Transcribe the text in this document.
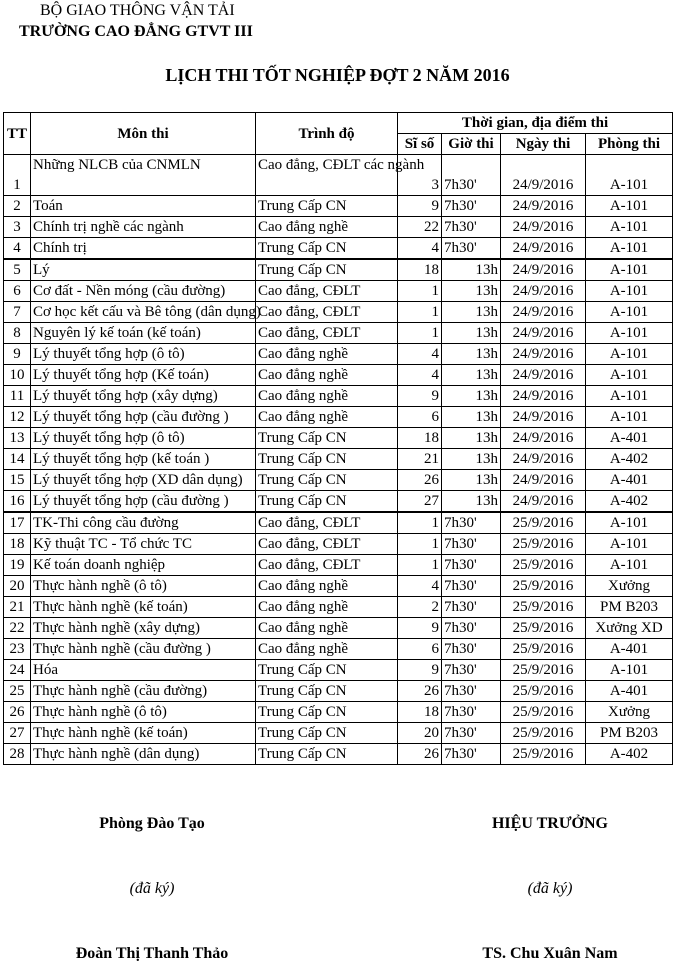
BỘ GIAO THÔNG VẬN TẢI
TRƯỜNG CAO ĐẲNG GTVT III
LỊCH THI TỐT NGHIỆP ĐỢT 2 NĂM 2016
TT	Môn thi	Trình độ	Thời gian, địa điểm thi			
			Sĩ số	Giờ thi	Ngày thi	Phòng thi
1	Những NLCB của CNMLN	Cao đẳng, CĐLT các ngành	3	7h30'	24/9/2016	A-101
2	Toán	Trung Cấp CN	9	7h30'	24/9/2016	A-101
3	Chính trị nghề các ngành	Cao đẳng nghề	22	7h30'	24/9/2016	A-101
4	Chính trị	Trung Cấp CN	4	7h30'	24/9/2016	A-101
5	Lý	Trung Cấp CN	18	13h	24/9/2016	A-101
6	Cơ đất - Nền móng (cầu đường)	Cao đẳng, CĐLT	1	13h	24/9/2016	A-101
7	Cơ học kết cấu và Bê tông (dân dụng)	Cao đẳng, CĐLT	1	13h	24/9/2016	A-101
8	Nguyên lý kế toán (kế toán)	Cao đẳng, CĐLT	1	13h	24/9/2016	A-101
9	Lý thuyết tổng hợp (ô tô)	Cao đẳng nghề	4	13h	24/9/2016	A-101
10	Lý thuyết tổng hợp (Kế toán)	Cao đẳng nghề	4	13h	24/9/2016	A-101
11	Lý thuyết tổng hợp (xây dựng)	Cao đẳng nghề	9	13h	24/9/2016	A-101
12	Lý thuyết tổng hợp (cầu đường )	Cao đẳng nghề	6	13h	24/9/2016	A-101
13	Lý thuyết tổng hợp (ô tô)	Trung Cấp CN	18	13h	24/9/2016	A-401
14	Lý thuyết tổng hợp (kế toán )	Trung Cấp CN	21	13h	24/9/2016	A-402
15	Lý thuyết tổng hợp (XD dân dụng)	Trung Cấp CN	26	13h	24/9/2016	A-401
16	Lý thuyết tổng hợp (cầu đường )	Trung Cấp CN	27	13h	24/9/2016	A-402
17	TK-Thi công cầu đường	Cao đẳng, CĐLT	1	7h30'	25/9/2016	A-101
18	Kỹ thuật TC - Tổ chức TC	Cao đẳng, CĐLT	1	7h30'	25/9/2016	A-101
19	Kế toán doanh nghiệp	Cao đẳng, CĐLT	1	7h30'	25/9/2016	A-101
20	Thực hành nghề (ô tô)	Cao đẳng nghề	4	7h30'	25/9/2016	Xưởng
21	Thực hành nghề (kế toán)	Cao đẳng nghề	2	7h30'	25/9/2016	PM B203
22	Thực hành nghề (xây dựng)	Cao đẳng nghề	9	7h30'	25/9/2016	Xưởng XD
23	Thực hành nghề (cầu đường )	Cao đẳng nghề	6	7h30'	25/9/2016	A-401
24	Hóa	Trung Cấp CN	9	7h30'	25/9/2016	A-101
25	Thực hành nghề (cầu đường)	Trung Cấp CN	26	7h30'	25/9/2016	A-401
26	Thực hành nghề (ô tô)	Trung Cấp CN	18	7h30'	25/9/2016	Xưởng
27	Thực hành nghề (kế toán)	Trung Cấp CN	20	7h30'	25/9/2016	PM B203
28	Thực hành nghề (dân dụng)	Trung Cấp CN	26	7h30'	25/9/2016	A-402
Phòng Đào Tạo
(đã ký)
Đoàn Thị Thanh Thảo
HIỆU TRƯỞNG
(đã ký)
TS. Chu Xuân Nam
